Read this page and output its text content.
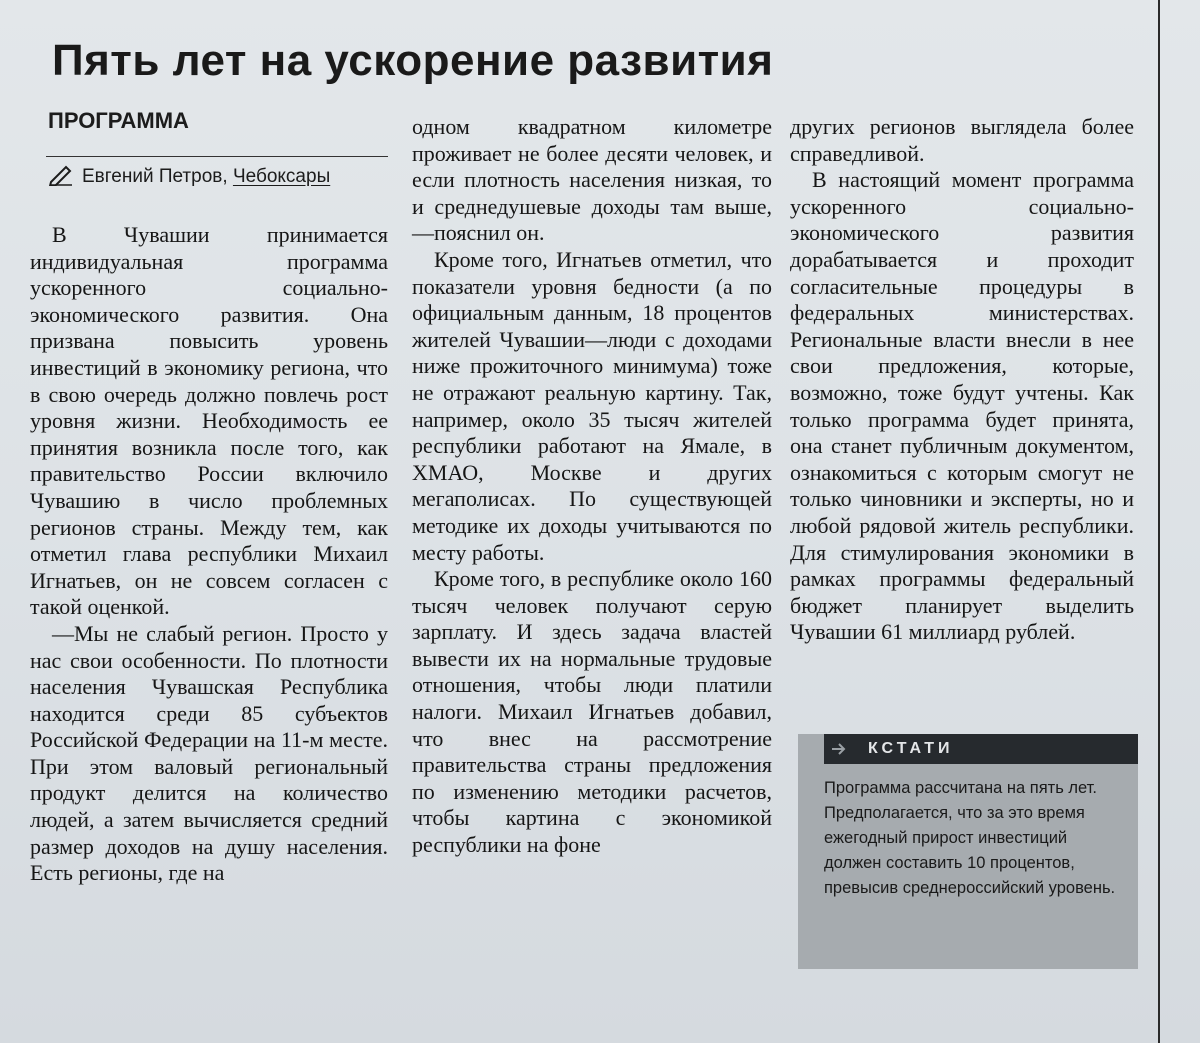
Пять лет на ускорение развития
ПРОГРАММА
Евгений Петров, Чебоксары

В Чувашии принимается индивидуальная программа ускоренного социально-экономического развития. Она призвана повысить уровень инвестиций в экономику региона, что в свою очередь должно повлечь рост уровня жизни. Необходимость ее принятия возникла после того, как правительство России включило Чувашию в число проблемных регионов страны. Между тем, как отметил глава республики Михаил Игнатьев, он не совсем согласен с такой оценкой.

—Мы не слабый регион. Просто у нас свои особенности. По плотности населения Чувашская Республика находится среди 85 субъектов Российской Федерации на 11-м месте. При этом валовый региональный продукт делится на количество людей, а затем вычисляется средний размер доходов на душу населения. Есть регионы, где на

одном квадратном километре проживает не более десяти человек, и если плотность населения низкая, то и среднедушевые доходы там выше,—пояснил он.

Кроме того, Игнатьев отметил, что показатели уровня бедности (а по официальным данным, 18 процентов жителей Чувашии—люди с доходами ниже прожиточного минимума) тоже не отражают реальную картину. Так, например, около 35 тысяч жителей республики работают на Ямале, в ХМАО, Москве и других мегаполисах. По существующей методике их доходы учитываются по месту работы.

Кроме того, в республике около 160 тысяч человек получают серую зарплату. И здесь задача властей вывести их на нормальные трудовые отношения, чтобы люди платили налоги. Михаил Игнатьев добавил, что внес на рассмотрение правительства страны предложения по изменению методики расчетов, чтобы картина с экономикой республики на фоне

других регионов выглядела более справедливой.

В настоящий момент программа ускоренного социально-экономического развития дорабатывается и проходит согласительные процедуры в федеральных министерствах. Региональные власти внесли в нее свои предложения, которые, возможно, тоже будут учтены. Как только программа будет принята, она станет публичным документом, ознакомиться с которым смогут не только чиновники и эксперты, но и любой рядовой житель республики. Для стимулирования экономики в рамках программы федеральный бюджет планирует выделить Чувашии 61 миллиард рублей.

КСТАТИ

Программа рассчитана на пять лет. Предполагается, что за это время ежегодный прирост инвестиций должен составить 10 процентов, превысив среднероссийский уровень.
